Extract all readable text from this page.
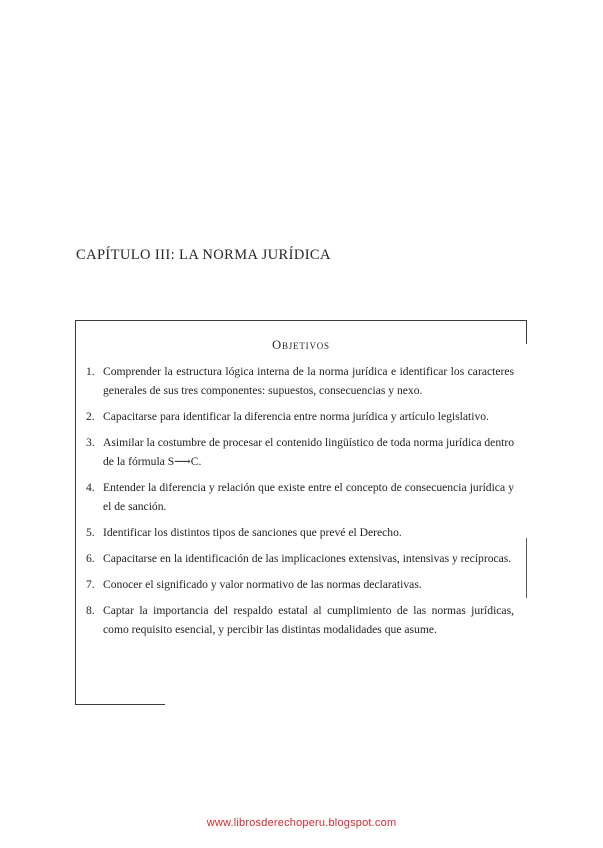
CAPÍTULO III: LA NORMA JURÍDICA
Objetivos
1. Comprender la estructura lógica interna de la norma jurídica e identificar los caracteres generales de sus tres componentes: supuestos, consecuencias y nexo.
2. Capacitarse para identificar la diferencia entre norma jurídica y artículo legislativo.
3. Asimilar la costumbre de procesar el contenido lingüístico de toda norma jurídica dentro de la fórmula S⟶C.
4. Entender la diferencia y relación que existe entre el concepto de consecuencia jurídica y el de sanción.
5. Identificar los distintos tipos de sanciones que prevé el Derecho.
6. Capacitarse en la identificación de las implicaciones extensivas, intensivas y recíprocas.
7. Conocer el significado y valor normativo de las normas declarativas.
8. Captar la importancia del respaldo estatal al cumplimiento de las normas jurídicas, como requisito esencial, y percibir las distintas modalidades que asume.
www.librosderechoperu.blogspot.com
